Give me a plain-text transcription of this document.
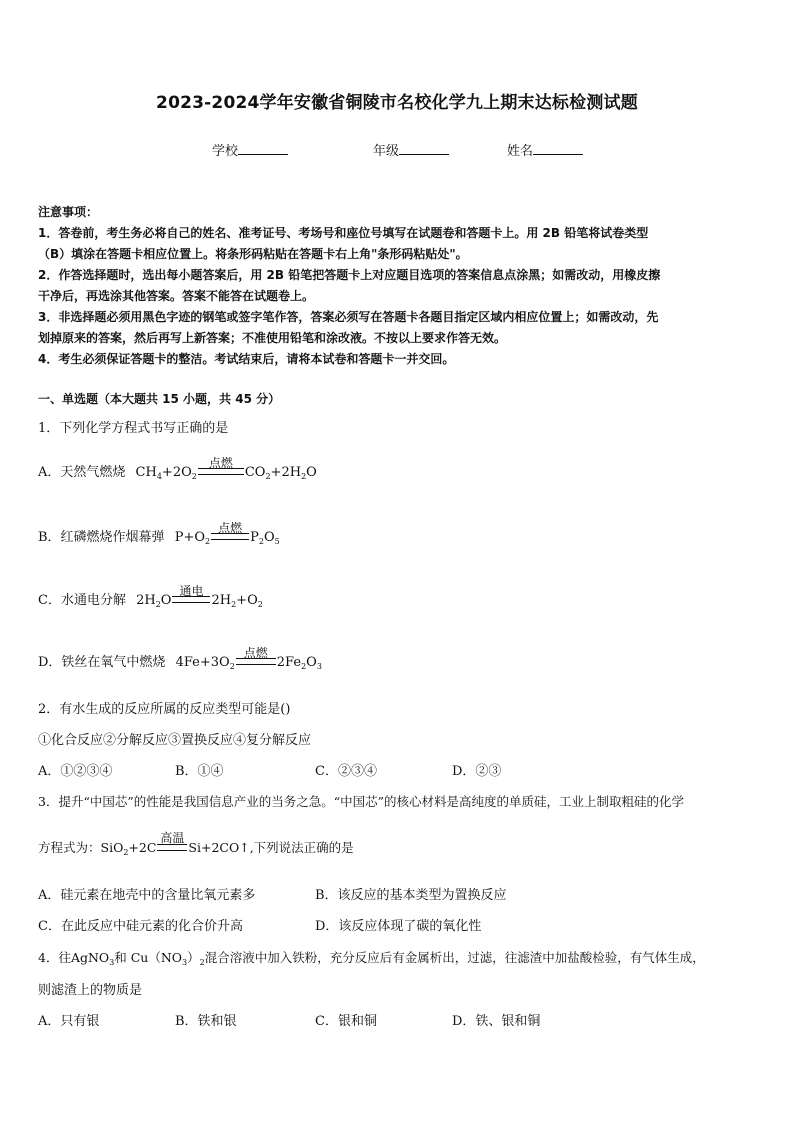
2023-2024学年安徽省铜陵市名校化学九上期末达标检测试题
学校	年级	姓名
注意事项：
1．答卷前，考生务必将自己的姓名、准考证号、考场号和座位号填写在试题卷和答题卡上。用 2B 铅笔将试卷类型
（B）填涂在答题卡相应位置上。将条形码粘贴在答题卡右上角"条形码粘贴处"。
2．作答选择题时，选出每小题答案后，用 2B 铅笔把答题卡上对应题目选项的答案信息点涂黑；如需改动，用橡皮擦
干净后，再选涂其他答案。答案不能答在试题卷上。
3．非选择题必须用黑色字迹的钢笔或签字笔作答，答案必须写在答题卡各题目指定区域内相应位置上；如需改动，先
划掉原来的答案，然后再写上新答案；不准使用铅笔和涂改液。不按以上要求作答无效。
4．考生必须保证答题卡的整洁。考试结束后，请将本试卷和答题卡一并交回。
一、单选题（本大题共 15 小题，共 45 分）
1．下列化学方程式书写正确的是
A．天然气燃烧 $CH_4+2O_2$
点燃
$CO_2+2H_2O$
B．红磷燃烧作烟幕弹 $P+O_2$
点燃
$P_2O_5$
C．水通电分解 $2H_2O$
通电
$2H_2+O_2$
D．铁丝在氧气中燃烧 $4Fe+3O_2$
点燃
$2Fe_2O_3$
2．有水生成的反应所属的反应类型可能是()
①化合反应②分解反应③置换反应④复分解反应
A．①②③④	B．①④	C．②③④	D．②③
3．提升“中国芯”的性能是我国信息产业的当务之急。“中国芯”的核心材料是高纯度的单质硅，工业上制取粗硅的化学
方程式为：SiO$_2$+2C
高温
Si+2CO↑,下列说法正确的是
A．硅元素在地壳中的含量比氧元素多	B．该反应的基本类型为置换反应
C．在此反应中硅元素的化合价升高	D．该反应体现了碳的氧化性
4．往AgNO$_3$和 $Cu(NO_3)_2$混合溶液中加入铁粉，充分反应后有金属析出，过滤，往滤渣中加盐酸检验，有气体生成，
则滤渣上的物质是
A．只有银	B．铁和银	C．银和铜	D．铁、银和铜
